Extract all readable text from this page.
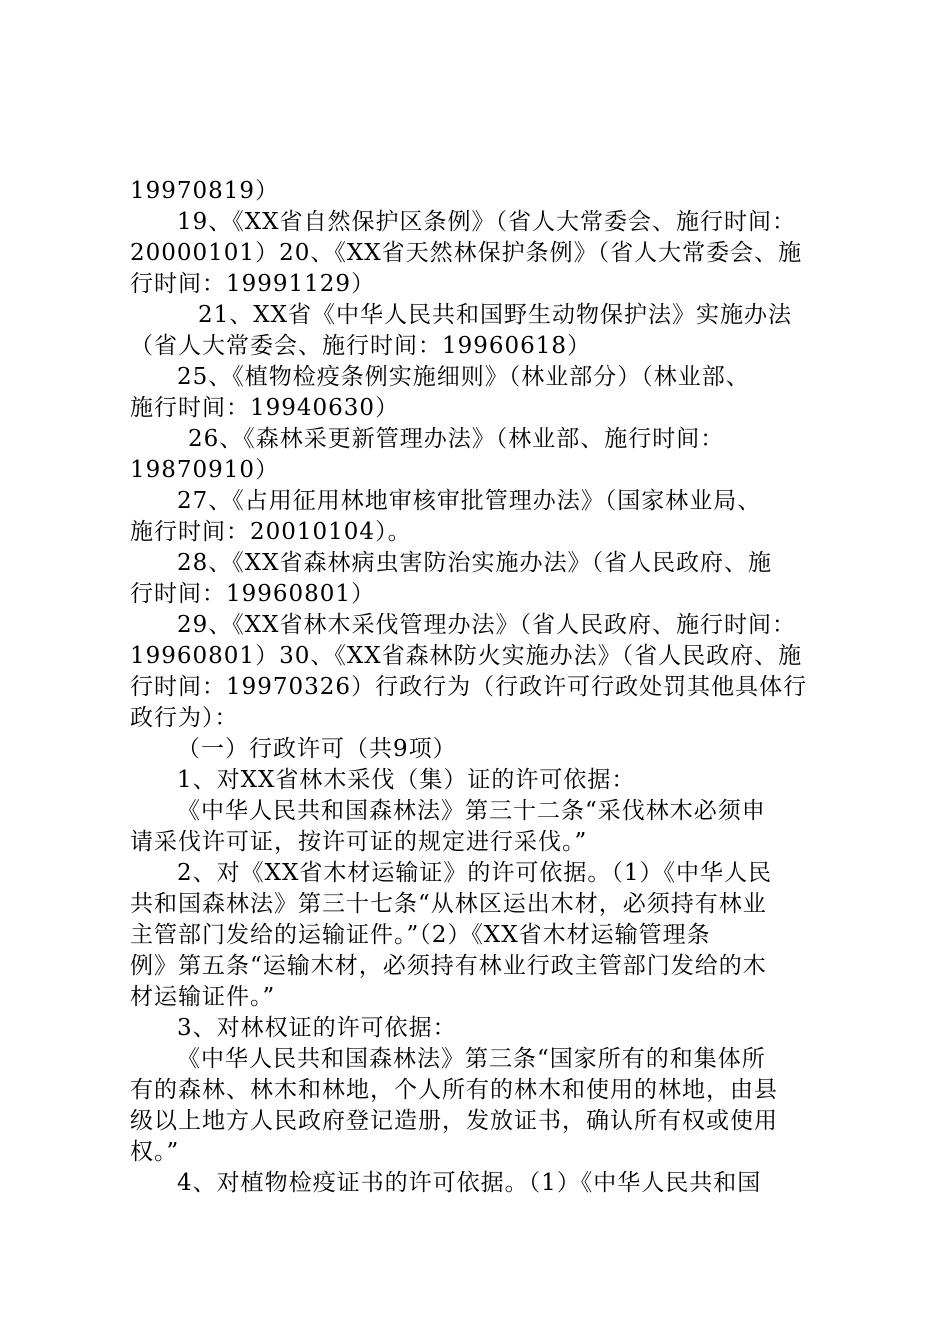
19970819）
19、《XX省自然保护区条例》（省人大常委会、施行时间：
20000101）20、《XX省天然林保护条例》（省人大常委会、施
行时间：19991129）
21、XX省《中华人民共和国野生动物保护法》实施办法
（省人大常委会、施行时间：19960618）
25、《植物检疫条例实施细则》（林业部分）（林业部、
施行时间：19940630）
26、《森林采更新管理办法》（林业部、施行时间：
19870910）
27、《占用征用林地审核审批管理办法》（国家林业局、
施行时间：20010104）。
28、《XX省森林病虫害防治实施办法》（省人民政府、施
行时间：19960801）
29、《XX省林木采伐管理办法》（省人民政府、施行时间：
19960801）30、《XX省森林防火实施办法》（省人民政府、施
行时间：19970326）行政行为（行政许可行政处罚其他具体行
政行为）：
（一）行政许可（共9项）
1、对XX省林木采伐（集）证的许可依据：
《中华人民共和国森林法》第三十二条“采伐林木必须申
请采伐许可证，按许可证的规定进行采伐。”
2、对《XX省木材运输证》的许可依据。（1）《中华人民
共和国森林法》第三十七条“从林区运出木材，必须持有林业
主管部门发给的运输证件。”（2）《XX省木材运输管理条
例》第五条“运输木材，必须持有林业行政主管部门发给的木
材运输证件。”
3、对林权证的许可依据：
《中华人民共和国森林法》第三条“国家所有的和集体所
有的森林、林木和林地，个人所有的林木和使用的林地，由县
级以上地方人民政府登记造册，发放证书，确认所有权或使用
权。”
4、对植物检疫证书的许可依据。（1）《中华人民共和国
